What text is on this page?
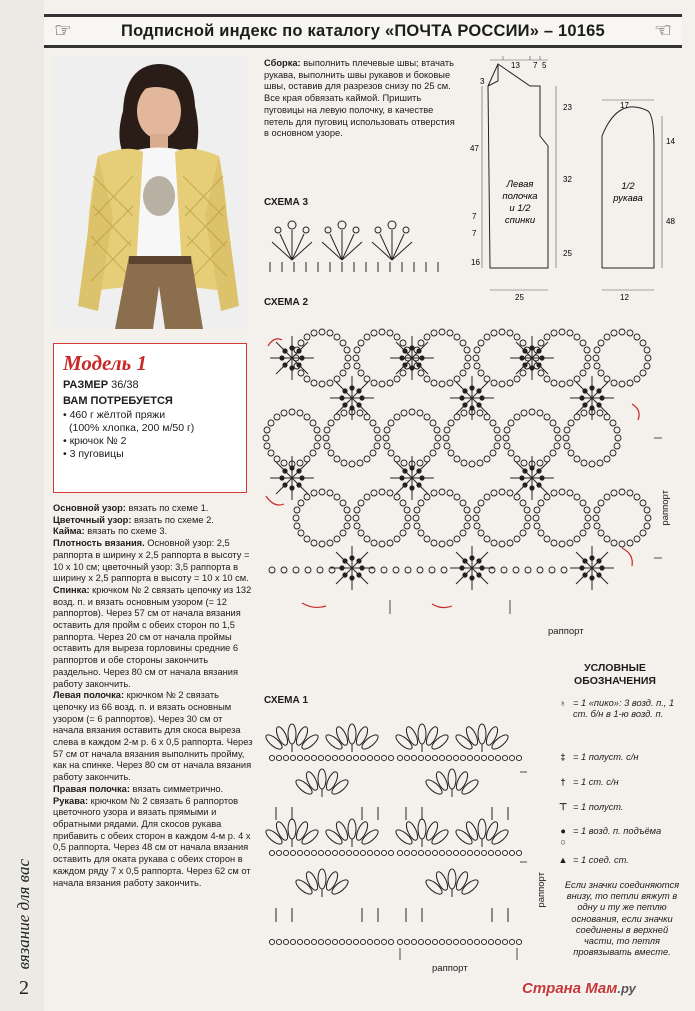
вязание для вас
2
☞	Подписной индекс по каталогу «ПОЧТА РОССИИ» – 10165 ☜
Модель 1
РАЗМЕР 36/38
ВАМ ПОТРЕБУЕТСЯ
• 460 г жёлтой пряжи
(100% хлопка, 200 м/50 г)
• крючок № 2
• 3 пуговицы

Основной узор: вязать по схеме 1.

Цветочный узор: вязать по схеме 2.

Кайма: вязать по схеме 3.

Плотность вязания. Основной узор: 2,5 раппорта в ширину х 2,5 раппорта в высоту = 10 х 10 см; цветочный узор: 3,5 раппорта в ширину х 2,5 раппорта в высоту = 10 х 10 см.

Спинка: крючком № 2 связать цепочку из 132 возд. п. и вязать основным узором (= 12 раппортов). Через 57 см от начала вязания оставить для пройм с обеих сторон по 1,5 раппорта. Через 20 см от начала проймы оставить для выреза горловины средние 6 раппортов и обе стороны закончить раздельно. Через 80 см от начала вязания работу закончить.

Левая полочка: крючком № 2 связать цепочку из 66 возд. п. и вязать основным узором (= 6 раппортов). Через 30 см от начала вязания оставить для скоса выреза слева в каждом 2-м р. 6 х 0,5 раппорта. Через 57 см от начала вязания выполнить пройму, как на спинке. Через 80 см от начала вязания работу закончить.

Правая полочка: вязать симметрично.

Рукава: крючком № 2 связать 6 раппортов цветочного узора и вязать прямыми и обратными рядами. Для скосов рукава прибавить с обеих сторон в каждом 4-м р. 4 х 0,5 раппорта. Через 48 см от начала вязания оставить для оката рукава с обеих сторон в каждом ряду 7 х 0,5 раппорта. Через 62 см от начала вязания работу закончить.

Сборка: выполнить плечевые швы; втачать рукава, выполнить швы рукавов и боковые швы, оставив для разрезов снизу по 25 см. Все края обвязать каймой. Пришить пуговицы на левую полочку, в качестве петель для пуговиц использовать отверстия в основном узоре.
13 7 5
3
47
7
7
16
23
32
25
25
Левая
полочка
и 1/2
спинки
1/2
рукава
17
14
48
12
СХЕМА 3
СХЕМА 2
раппорт
раппорт
СХЕМА 1
раппорт
раппорт
УСЛОВНЫЕ ОБОЗНАЧЕНИЯ
♁ = 1 «пико»: 3 возд. п., 1 ст. б/н в 1-ю возд. п.
‡ = 1 полуст. с/н
† = 1 ст. с/н
⊤ = 1 полуст.
● = 1 возд. п. подъёма
○
▲ = 1 соед. ст.
Если значки соединяются внизу, то петли вяжут в одну и ту же петлю основания, если значки соединены в верхней части, то петля провязывать вместе.
Страна Мам.ру
